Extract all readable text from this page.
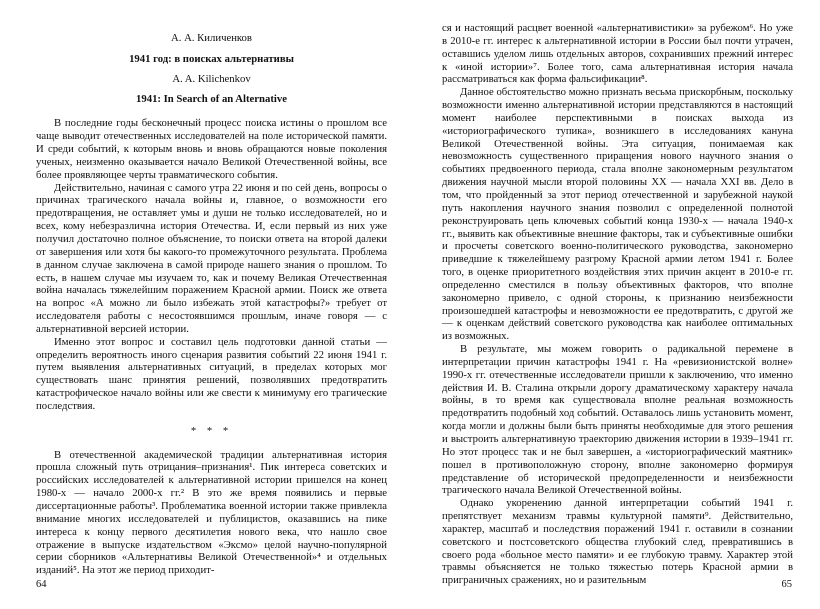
А. А. Киличенков
1941 год: в поисках альтернативы
A. A. Kilichenkov
1941: In Search of an Alternative

В последние годы бесконечный процесс поиска истины о прошлом все чаще выводит отечественных исследователей на поле исторической памяти. И среди событий, к которым вновь и вновь обращаются новые поколения ученых, неизменно оказывается начало Великой Отечественной войны, все более проявляющее черты травматического события.

Действительно, начиная с самого утра 22 июня и по сей день, вопросы о причинах трагического начала войны и, главное, о возможности его предотвращения, не оставляет умы и души не только исследователей, но и всех, кому небезразлична история Отечества. И, если первый из них уже получил достаточно полное объяснение, то поиски ответа на второй далеки от завершения или хотя бы какого-то промежуточного результата. Проблема в данном случае заключена в самой природе нашего знания о прошлом. То есть, в нашем случае мы изучаем то, как и почему Великая Отечественная война началась тяжелейшим поражением Красной армии. Поиск же ответа на вопрос «А можно ли было избежать этой катастрофы?» требует от исследователя работы с несостоявшимся прошлым, иначе говоря — с альтернативной версией истории.

Именно этот вопрос и составил цель подготовки данной статьи — определить вероятность иного сценария развития событий 22 июня 1941 г. путем выявления альтернативных ситуаций, в пределах которых мог существовать шанс принятия решений, позволявших предотвратить катастрофическое начало войны или же свести к минимуму его трагические последствия.

* * *

В отечественной академической традиции альтернативная история прошла сложный путь отрицания–признания¹. Пик интереса советских и российских исследователей к альтернативной истории пришелся на конец 1980-х — начало 2000-х гг.² В это же время появились и первые диссертационные работы³. Проблематика военной истории также привлекла внимание многих исследователей и публицистов, оказавшись на пике интереса к концу первого десятилетия нового века, что нашло свое отражение в выпуске издательством «Эксмо» целой научно-популярной серии сборников «Альтернативы Великой Отечественной»⁴ и отдельных изданий⁵. На этот же период приходит-

64

ся и настоящий расцвет военной «альтернативистики» за рубежом⁶. Но уже в 2010-е гг. интерес к альтернативной истории в России был почти утрачен, оставшись уделом лишь отдельных авторов, сохранивших прежний интерес к «иной истории»⁷. Более того, сама альтернативная история начала рассматриваться как форма фальсификации⁸.

Данное обстоятельство можно признать весьма прискорбным, поскольку возможности именно альтернативной истории представляются в настоящий момент наиболее перспективными в поисках выхода из «историографического тупика», возникшего в исследованиях кануна Великой Отечественной войны. Эта ситуация, понимаемая как невозможность существенного приращения нового научного знания о событиях предвоенного периода, стала вполне закономерным результатом движения научной мысли второй половины XX — начала XXI вв. Дело в том, что пройденный за этот период отечественной и зарубежной наукой путь накопления научного знания позволил с определенной полнотой реконструировать цепь ключевых событий конца 1930-х — начала 1940-х гг., выявить как объективные внешние факторы, так и субъективные ошибки и просчеты советского военно-политического руководства, закономерно приведшие к тяжелейшему разгрому Красной армии летом 1941 г. Более того, в оценке приоритетного воздействия этих причин акцент в 2010-е гг. определенно сместился в пользу объективных факторов, что вполне закономерно привело, с одной стороны, к признанию неизбежности произошедшей катастрофы и невозможности ее предотвратить, с другой же — к оценкам действий советского руководства как наиболее оптимальных из возможных.

В результате, мы можем говорить о радикальной перемене в интерпретации причин катастрофы 1941 г. На «ревизионистской волне» 1990-х гг. отечественные исследователи пришли к заключению, что именно действия И. В. Сталина открыли дорогу драматическому характеру начала войны, в то время как существовала вполне реальная возможность предотвратить подобный ход событий. Оставалось лишь установить момент, когда могли и должны были быть приняты необходимые для этого решения и выстроить альтернативную траекторию движения истории в 1939–1941 гг. Но этот процесс так и не был завершен, а «историографический маятник» пошел в противоположную сторону, вполне закономерно формируя представление об исторической предопределенности и неизбежности трагического начала Великой Отечественной войны.

Однако укоренению данной интерпретации событий 1941 г. препятствует механизм травмы культурной памяти⁹. Действительно, характер, масштаб и последствия поражений 1941 г. оставили в сознании советского и постсоветского общества глубокий след, превратившись в своего рода «больное место памяти» и ее глубокую травму. Характер этой травмы объясняется не только тяжестью потерь Красной армии в приграничных сражениях, но и разительным	65
